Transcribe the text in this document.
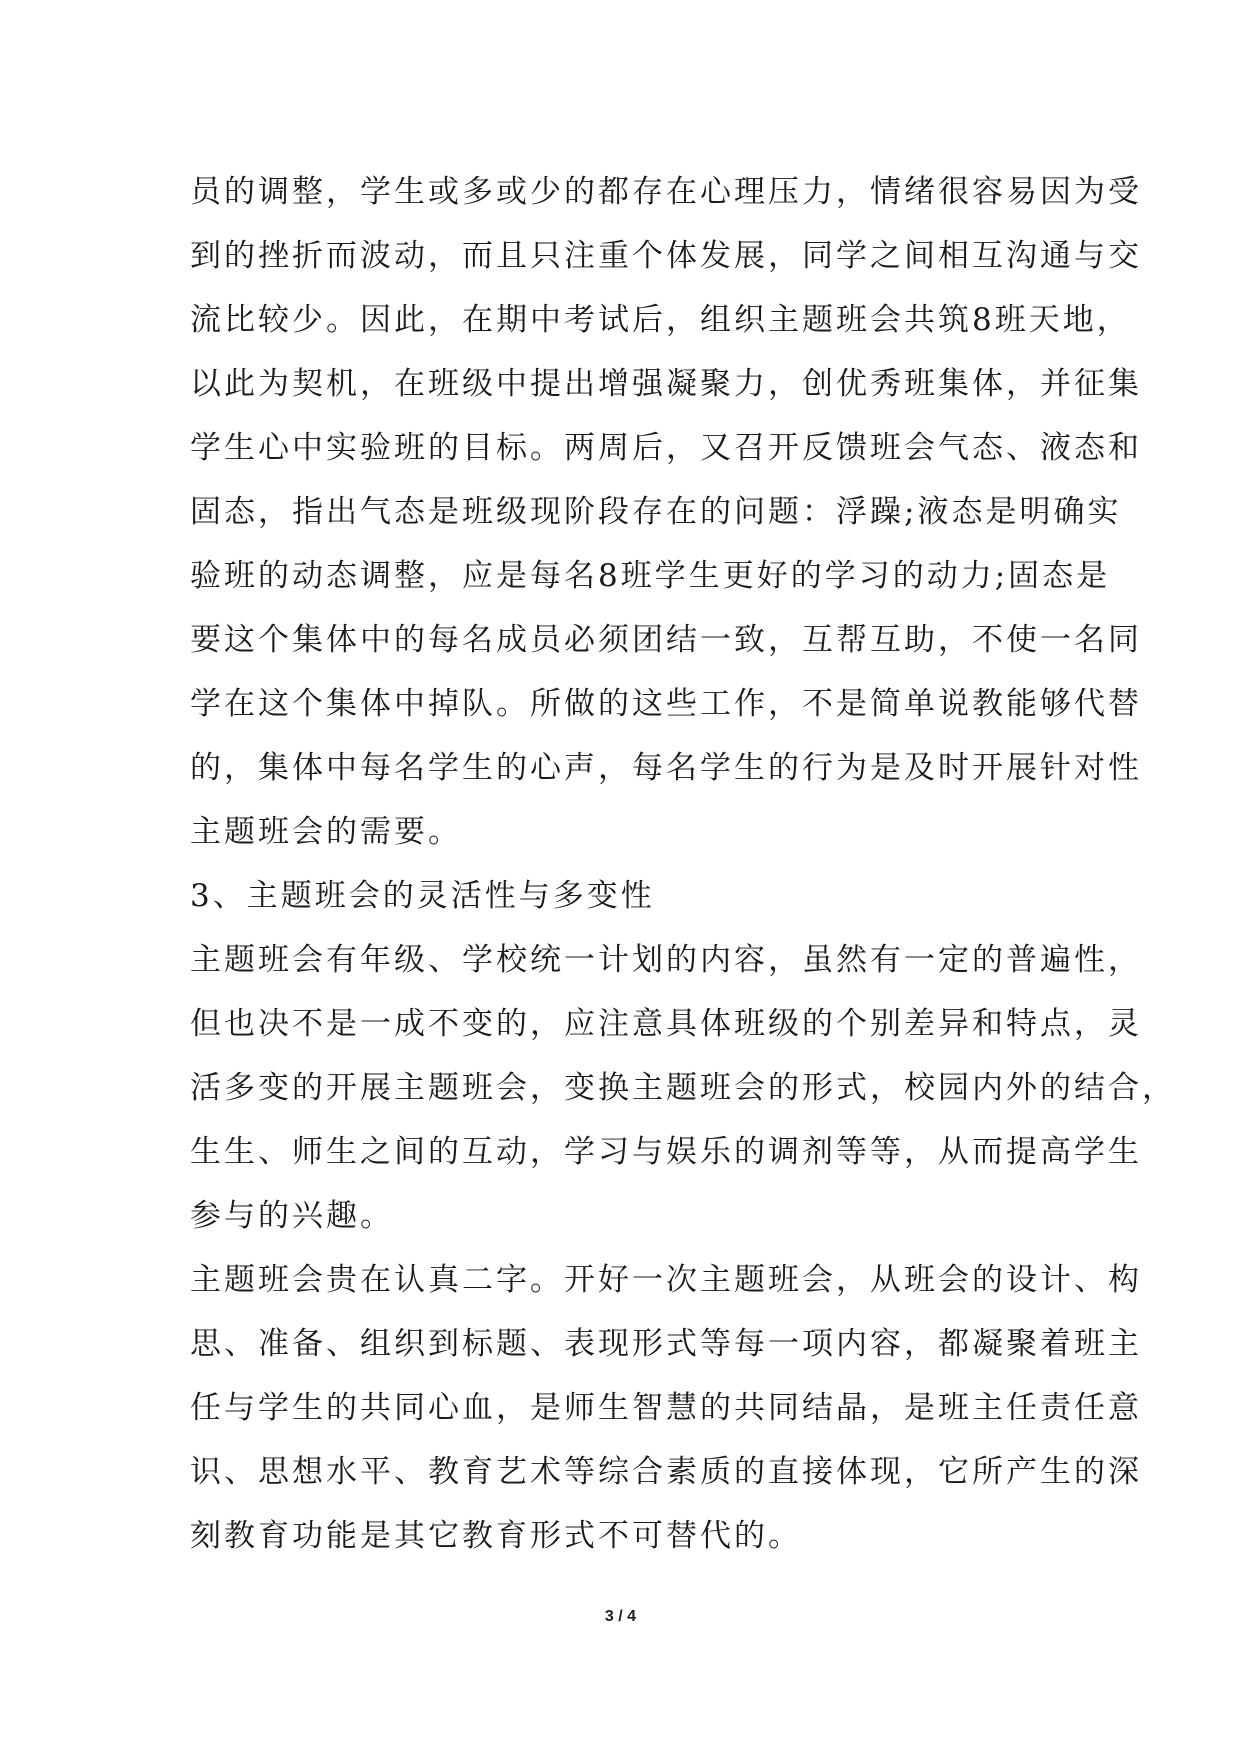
员的调整，学生或多或少的都存在心理压力，情绪很容易因为受
到的挫折而波动，而且只注重个体发展，同学之间相互沟通与交
流比较少。因此，在期中考试后，组织主题班会共筑8班天地，
以此为契机，在班级中提出增强凝聚力，创优秀班集体，并征集
学生心中实验班的目标。两周后，又召开反馈班会气态、液态和
固态，指出气态是班级现阶段存在的问题：浮躁;液态是明确实
验班的动态调整，应是每名8班学生更好的学习的动力;固态是
要这个集体中的每名成员必须团结一致，互帮互助，不使一名同
学在这个集体中掉队。所做的这些工作，不是简单说教能够代替
的，集体中每名学生的心声，每名学生的行为是及时开展针对性
主题班会的需要。
3、主题班会的灵活性与多变性
主题班会有年级、学校统一计划的内容，虽然有一定的普遍性，
但也决不是一成不变的，应注意具体班级的个别差异和特点，灵
活多变的开展主题班会，变换主题班会的形式，校园内外的结合，
生生、师生之间的互动，学习与娱乐的调剂等等，从而提高学生
参与的兴趣。
主题班会贵在认真二字。开好一次主题班会，从班会的设计、构
思、准备、组织到标题、表现形式等每一项内容，都凝聚着班主
任与学生的共同心血，是师生智慧的共同结晶，是班主任责任意
识、思想水平、教育艺术等综合素质的直接体现，它所产生的深
刻教育功能是其它教育形式不可替代的。
3 / 4
